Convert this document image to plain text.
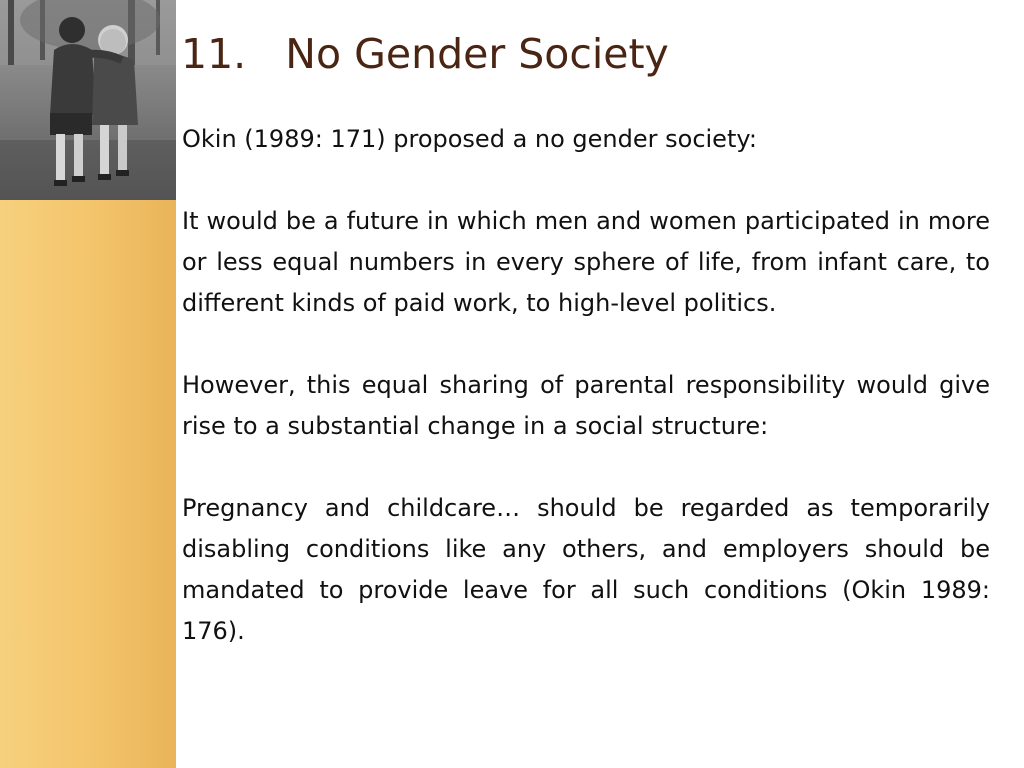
11.   No Gender Society

Okin (1989: 171) proposed a no gender society:

It would be a future in which men and women participated in more or less equal numbers in every sphere of life, from infant care, to different kinds of paid work, to high-level politics.

However, this equal sharing of parental responsibility would give rise to a substantial change in a social structure:

Pregnancy and childcare… should be regarded as temporarily disabling conditions like any others, and employers should be mandated to provide leave for all such conditions (Okin 1989: 176).
